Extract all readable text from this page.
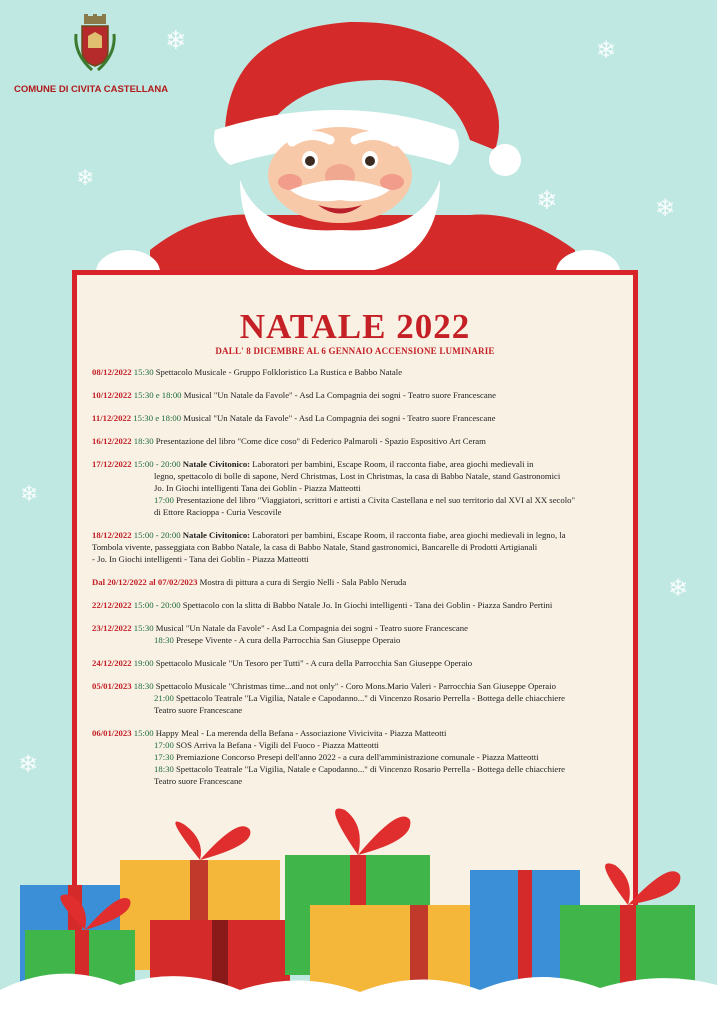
❄	❄
❄
❄	❄
❄
❄
❄
COMUNE DI CIVITA CASTELLANA
NATALE 2022
DALL' 8 DICEMBRE AL 6 GENNAIO ACCENSIONE LUMINARIE
08/12/2022 15:30 Spettacolo Musicale - Gruppo Folkloristico La Rustica e Babbo Natale
10/12/2022 15:30 e 18:00 Musical "Un Natale da Favole" - Asd La Compagnia dei sogni - Teatro suore Francescane
11/12/2022 15:30 e 18:00 Musical "Un Natale da Favole" - Asd La Compagnia dei sogni - Teatro suore Francescane
16/12/2022 18:30 Presentazione del libro "Come dice coso" di Federico Palmaroli - Spazio Espositivo Art Ceram
17/12/2022 15:00 - 20:00 Natale Civitonico: Laboratori per bambini, Escape Room, il racconta fiabe, area giochi medievali in
legno, spettacolo di bolle di sapone, Nerd Christmas, Lost in Christmas, la casa di Babbo Natale, stand Gastronomici
Jo. In Giochi intelligenti Tana dei Goblin - Piazza Matteotti
17:00 Presentazione del libro "Viaggiatori, scrittori e artisti a Civita Castellana e nel suo territorio dal XVI al XX secolo"
di Ettore Racioppa - Curia Vescovile
18/12/2022 15:00 - 20:00 Natale Civitonico: Laboratori per bambini, Escape Room, il racconta fiabe, area giochi medievali in legno, la
Tombola vivente, passeggiata con Babbo Natale, la casa di Babbo Natale, Stand gastronomici, Bancarelle di Prodotti Artigianali
- Jo. In Giochi intelligenti - Tana dei Goblin - Piazza Matteotti
Dal 20/12/2022 al 07/02/2023 Mostra di pittura a cura di Sergio Nelli - Sala Pablo Neruda
22/12/2022 15:00 - 20:00 Spettacolo con la slitta di Babbo Natale Jo. In Giochi intelligenti - Tana dei Goblin - Piazza Sandro Pertini
23/12/2022 15:30 Musical "Un Natale da Favole" - Asd La Compagnia dei sogni - Teatro suore Francescane
18:30 Presepe Vivente - A cura della Parrocchia San Giuseppe Operaio
24/12/2022 19:00 Spettacolo Musicale "Un Tesoro per Tutti" - A cura della Parrocchia San Giuseppe Operaio
05/01/2023 18:30 Spettacolo Musicale "Christmas time...and not only" - Coro Mons.Mario Valeri - Parrocchia San Giuseppe Operaio
21:00 Spettacolo Teatrale "La Vigilia, Natale e Capodanno..." di Vincenzo Rosario Perrella - Bottega delle chiacchiere
Teatro suore Francescane
06/01/2023 15:00 Happy Meal - La merenda della Befana - Associazione Vivicivita - Piazza Matteotti
17:00 SOS Arriva la Befana - Vigili del Fuoco - Piazza Matteotti
17:30 Premiazione Concorso Presepi dell'anno 2022 - a cura dell'amministrazione comunale - Piazza Matteotti
18:30 Spettacolo Teatrale "La Vigilia, Natale e Capodanno..." di Vincenzo Rosario Perrella - Bottega delle chiacchiere
Teatro suore Francescane
